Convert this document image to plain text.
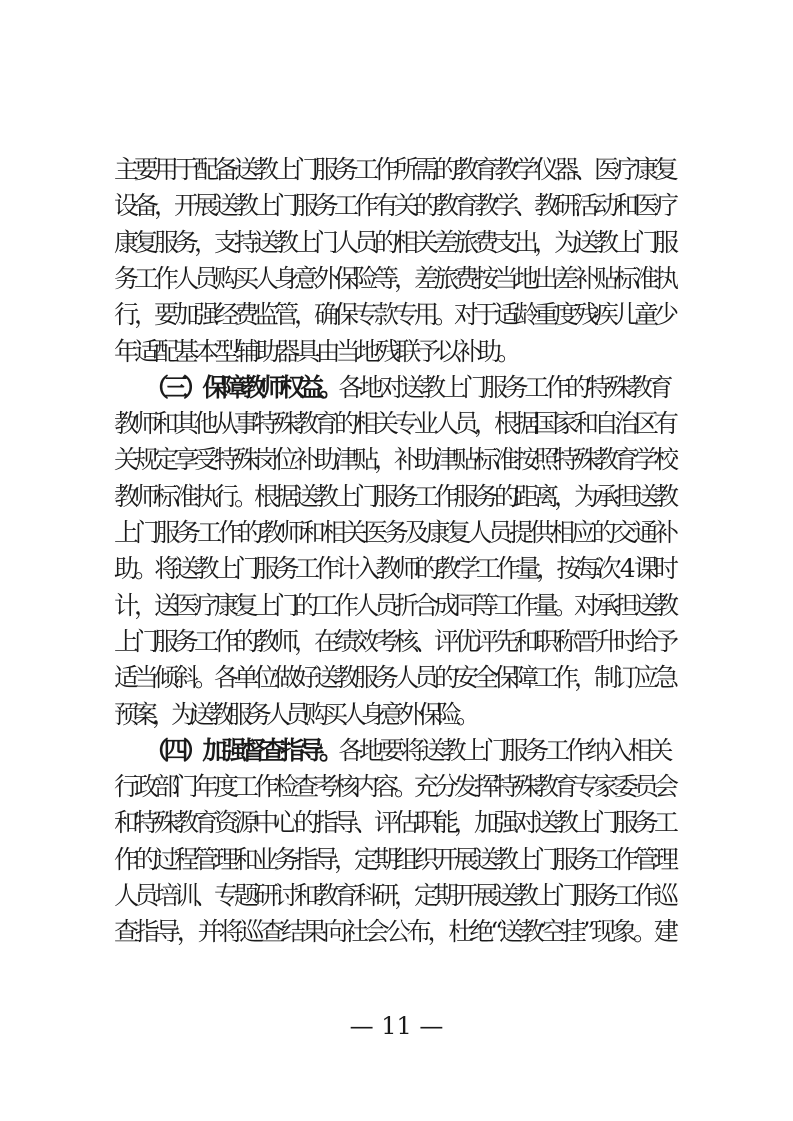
主要用于配备送教上门服务工作所需的教育教学仪器、医疗康复
设备，开展送教上门服务工作有关的教育教学、教研活动和医疗
康复服务，支持送教上门人员的相关差旅费支出，为送教上门服
务工作人员购买人身意外保险等，差旅费按当地出差补贴标准执
行，要加强经费监管，确保专款专用。对于适龄重度残疾儿童少
年适配基本型辅助器具由当地残联予以补助。
（三）保障教师权益。各地对送教上门服务工作的特殊教育
教师和其他从事特殊教育的相关专业人员，根据国家和自治区有
关规定享受特殊岗位补助津贴，补助津贴标准按照特殊教育学校
教师标准执行。根据送教上门服务工作服务的距离，为承担送教
上门服务工作的教师和相关医务及康复人员提供相应的交通补
助。将送教上门服务工作计入教师的教学工作量，按每次 4 课时
计，送医疗康复上门的工作人员折合成同等工作量。对承担送教
上门服务工作的教师，在绩效考核、评优评先和职称晋升时给予
适当倾斜。各单位做好送教服务人员的安全保障工作，制订应急
预案，为送教服务人员购买人身意外保险。
（四）加强督查指导。各地要将送教上门服务工作纳入相关
行政部门年度工作检查考核内容。充分发挥特殊教育专家委员会
和特殊教育资源中心的指导、评估职能，加强对送教上门服务工
作的过程管理和业务指导，定期组织开展送教上门服务工作管理
人员培训、专题研讨和教育科研，定期开展送教上门服务工作巡
查指导，并将巡查结果向社会公布，杜绝“送教空挂”现象。建
— 11 —
